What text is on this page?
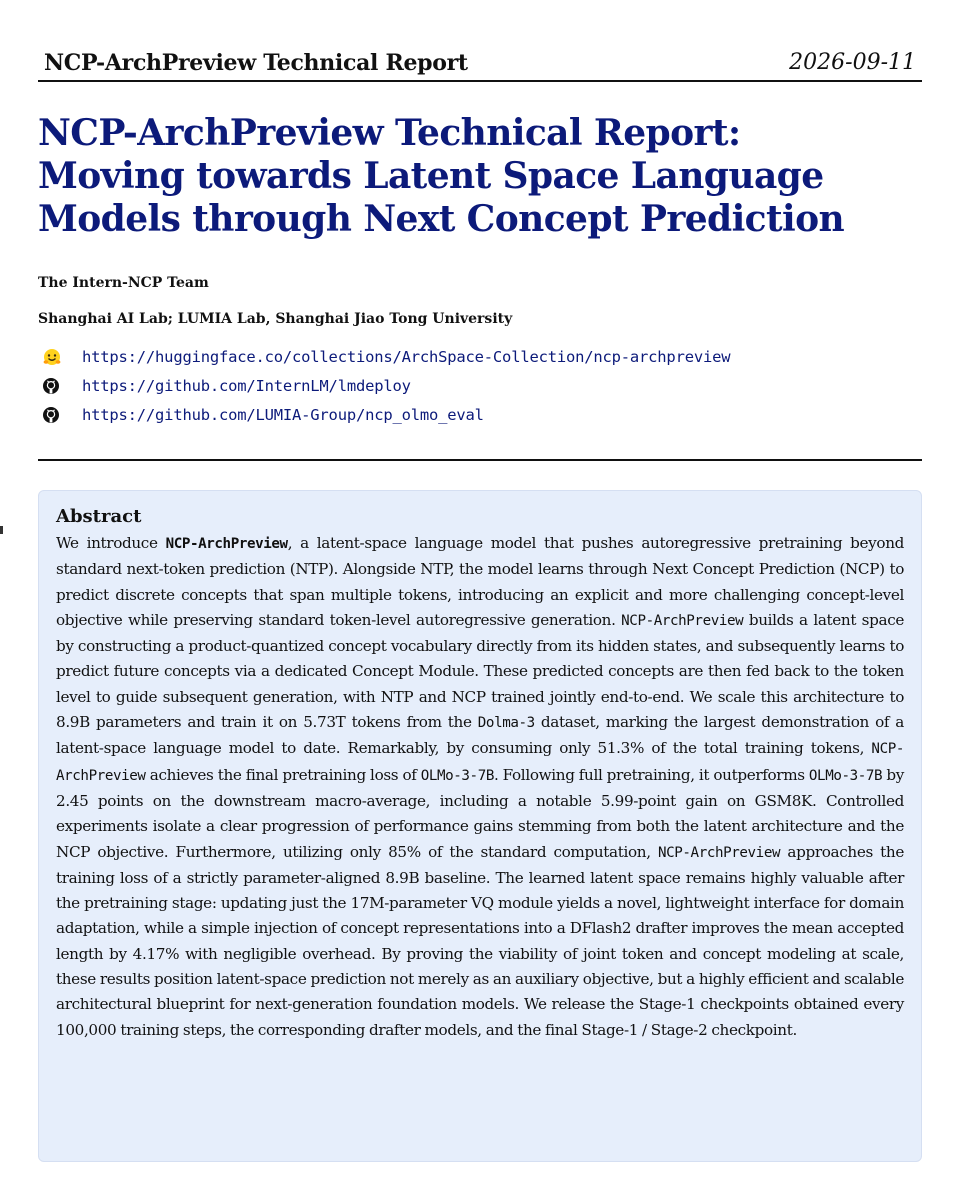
NCP-ArchPreview Technical Report	2026-09-11
NCP-ArchPreview Technical Report:
Moving towards Latent Space Language
Models through Next Concept Prediction
The Intern-NCP Team
Shanghai AI Lab; LUMIA Lab, Shanghai Jiao Tong University
https://huggingface.co/collections/ArchSpace-Collection/ncp-archpreview
https://github.com/InternLM/lmdeploy
https://github.com/LUMIA-Group/ncp_olmo_eval
Abstract

We introduce NCP-ArchPreview, a latent-space language model that pushes autoregressive pretraining beyond standard next-token prediction (NTP). Alongside NTP, the model learns through Next Concept Prediction (NCP) to predict discrete concepts that span multiple tokens, introducing an explicit and more challenging concept-level objective while preserving standard token-level autoregressive generation. NCP-ArchPreview builds a latent space by constructing a product-quantized concept vocabulary directly from its hidden states, and subsequently learns to predict future concepts via a dedicated Concept Module. These predicted concepts are then fed back to the token level to guide subsequent generation, with NTP and NCP trained jointly end-to-end. We scale this architecture to 8.9B parameters and train it on 5.73T tokens from the Dolma-3 dataset, marking the largest demonstration of a latent-space language model to date. Remarkably, by consuming only 51.3% of the total training tokens, NCP-ArchPreview achieves the final pretraining loss of OLMo-3-7B. Following full pretraining, it outperforms OLMo-3-7B by 2.45 points on the downstream macro-average, including a notable 5.99-point gain on GSM8K. Controlled experiments isolate a clear progression of performance gains stemming from both the latent architecture and the NCP objective. Furthermore, utilizing only 85% of the standard computation, NCP-ArchPreview approaches the training loss of a strictly parameter-aligned 8.9B baseline. The learned latent space remains highly valuable after the pretraining stage: updating just the 17M-parameter VQ module yields a novel, lightweight interface for domain adaptation, while a simple injection of concept representations into a DFlash2 drafter improves the mean accepted length by 4.17% with negligible overhead. By proving the viability of joint token and concept modeling at scale, these results position latent-space prediction not merely as an auxiliary objective, but a highly efficient and scalable architectural blueprint for next-generation foundation models. We release the Stage-1 checkpoints obtained every 100,000 training steps, the corresponding drafter models, and the final Stage-1 / Stage-2 checkpoint.
